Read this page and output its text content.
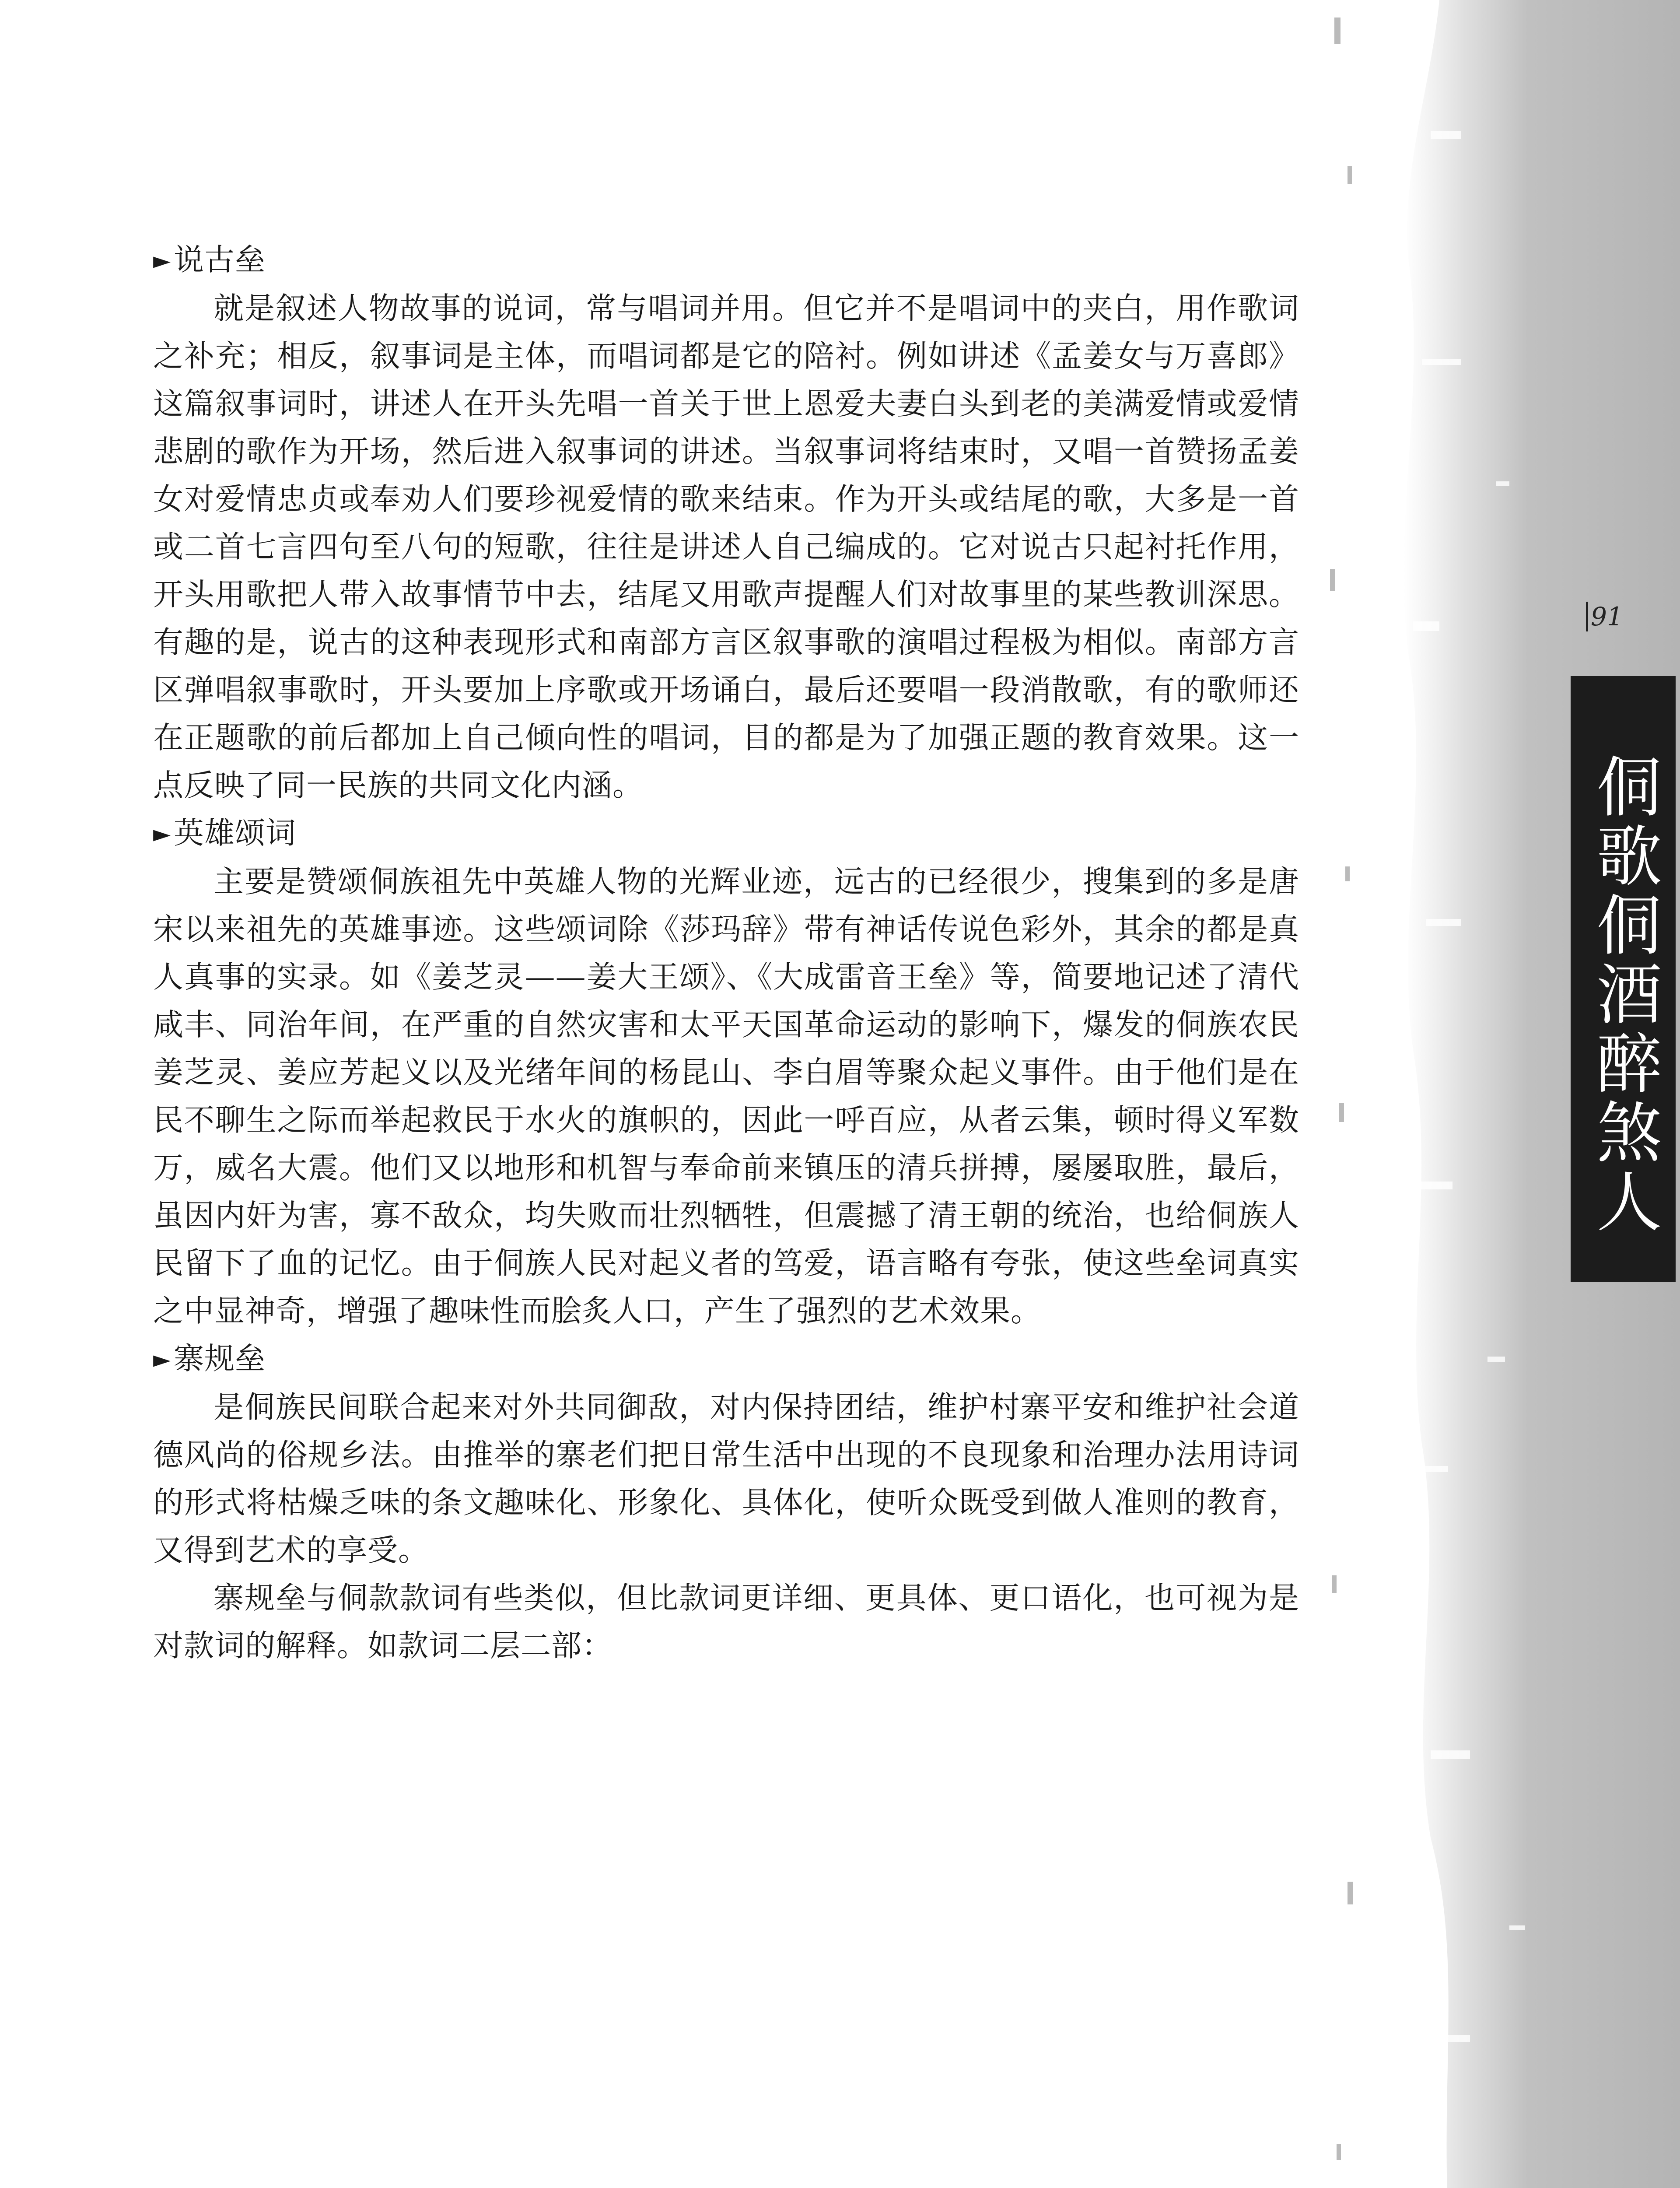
91

侗歌侗酒醉煞人
►说古垒

就是叙述人物故事的说词，常与唱词并用。但它并不是唱词中的夹白，用作歌词之补充；相反，叙事词是主体，而唱词都是它的陪衬。例如讲述《孟姜女与万喜郎》这篇叙事词时，讲述人在开头先唱一首关于世上恩爱夫妻白头到老的美满爱情或爱情悲剧的歌作为开场，然后进入叙事词的讲述。当叙事词将结束时，又唱一首赞扬孟姜女对爱情忠贞或奉劝人们要珍视爱情的歌来结束。作为开头或结尾的歌，大多是一首或二首七言四句至八句的短歌，往往是讲述人自己编成的。它对说古只起衬托作用，开头用歌把人带入故事情节中去，结尾又用歌声提醒人们对故事里的某些教训深思。有趣的是，说古的这种表现形式和南部方言区叙事歌的演唱过程极为相似。南部方言区弹唱叙事歌时，开头要加上序歌或开场诵白，最后还要唱一段消散歌，有的歌师还在正题歌的前后都加上自己倾向性的唱词，目的都是为了加强正题的教育效果。这一点反映了同一民族的共同文化内涵。

►英雄颂词

主要是赞颂侗族祖先中英雄人物的光辉业迹，远古的已经很少，搜集到的多是唐宋以来祖先的英雄事迹。这些颂词除《莎玛辞》带有神话传说色彩外，其余的都是真人真事的实录。如《姜芝灵——姜大王颂》、《大成雷音王垒》等，简要地记述了清代咸丰、同治年间，在严重的自然灾害和太平天国革命运动的影响下，爆发的侗族农民姜芝灵、姜应芳起义以及光绪年间的杨昆山、李白眉等聚众起义事件。由于他们是在民不聊生之际而举起救民于水火的旗帜的，因此一呼百应，从者云集，顿时得义军数万，威名大震。他们又以地形和机智与奉命前来镇压的清兵拼搏，屡屡取胜，最后，虽因内奸为害，寡不敌众，均失败而壮烈牺牲，但震撼了清王朝的统治，也给侗族人民留下了血的记忆。由于侗族人民对起义者的笃爱，语言略有夸张，使这些垒词真实之中显神奇，增强了趣味性而脍炙人口，产生了强烈的艺术效果。

►寨规垒

是侗族民间联合起来对外共同御敌，对内保持团结，维护村寨平安和维护社会道德风尚的俗规乡法。由推举的寨老们把日常生活中出现的不良现象和治理办法用诗词的形式将枯燥乏味的条文趣味化、形象化、具体化，使听众既受到做人准则的教育，又得到艺术的享受。

寨规垒与侗款款词有些类似，但比款词更详细、更具体、更口语化，也可视为是对款词的解释。如款词二层二部：
